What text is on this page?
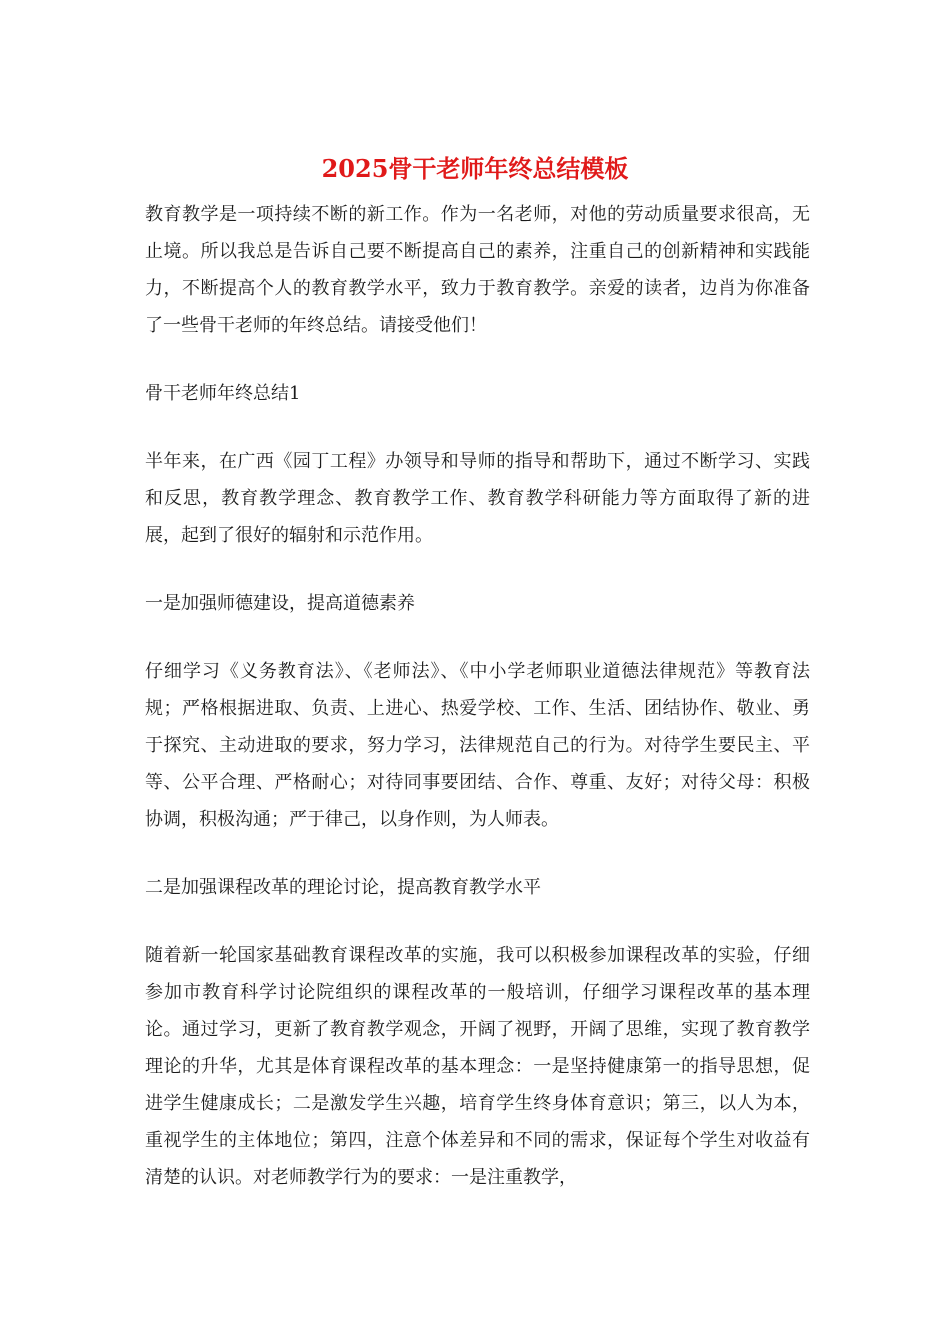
2025骨干老师年终总结模板

教育教学是一项持续不断的新工作。作为一名老师，对他的劳动质量要求很高，无止境。所以我总是告诉自己要不断提高自己的素养，注重自己的创新精神和实践能力，不断提高个人的教育教学水平，致力于教育教学。亲爱的读者，边肖为你准备了一些骨干老师的年终总结。请接受他们！

骨干老师年终总结1

半年来，在广西《园丁工程》办领导和导师的指导和帮助下，通过不断学习、实践和反思，教育教学理念、教育教学工作、教育教学科研能力等方面取得了新的进展，起到了很好的辐射和示范作用。

一是加强师德建设，提高道德素养

仔细学习《义务教育法》、《老师法》、《中小学老师职业道德法律规范》等教育法规；严格根据进取、负责、上进心、热爱学校、工作、生活、团结协作、敬业、勇于探究、主动进取的要求，努力学习，法律规范自己的行为。对待学生要民主、平等、公平合理、严格耐心；对待同事要团结、合作、尊重、友好；对待父母：积极协调，积极沟通；严于律己，以身作则，为人师表。

二是加强课程改革的理论讨论，提高教育教学水平

随着新一轮国家基础教育课程改革的实施，我可以积极参加课程改革的实验，仔细参加市教育科学讨论院组织的课程改革的一般培训，仔细学习课程改革的基本理论。通过学习，更新了教育教学观念，开阔了视野，开阔了思维，实现了教育教学理论的升华，尤其是体育课程改革的基本理念：一是坚持健康第一的指导思想，促进学生健康成长；二是激发学生兴趣，培育学生终身体育意识；第三，以人为本，重视学生的主体地位；第四，注意个体差异和不同的需求，保证每个学生对收益有清楚的认识。对老师教学行为的要求：一是注重教学，
